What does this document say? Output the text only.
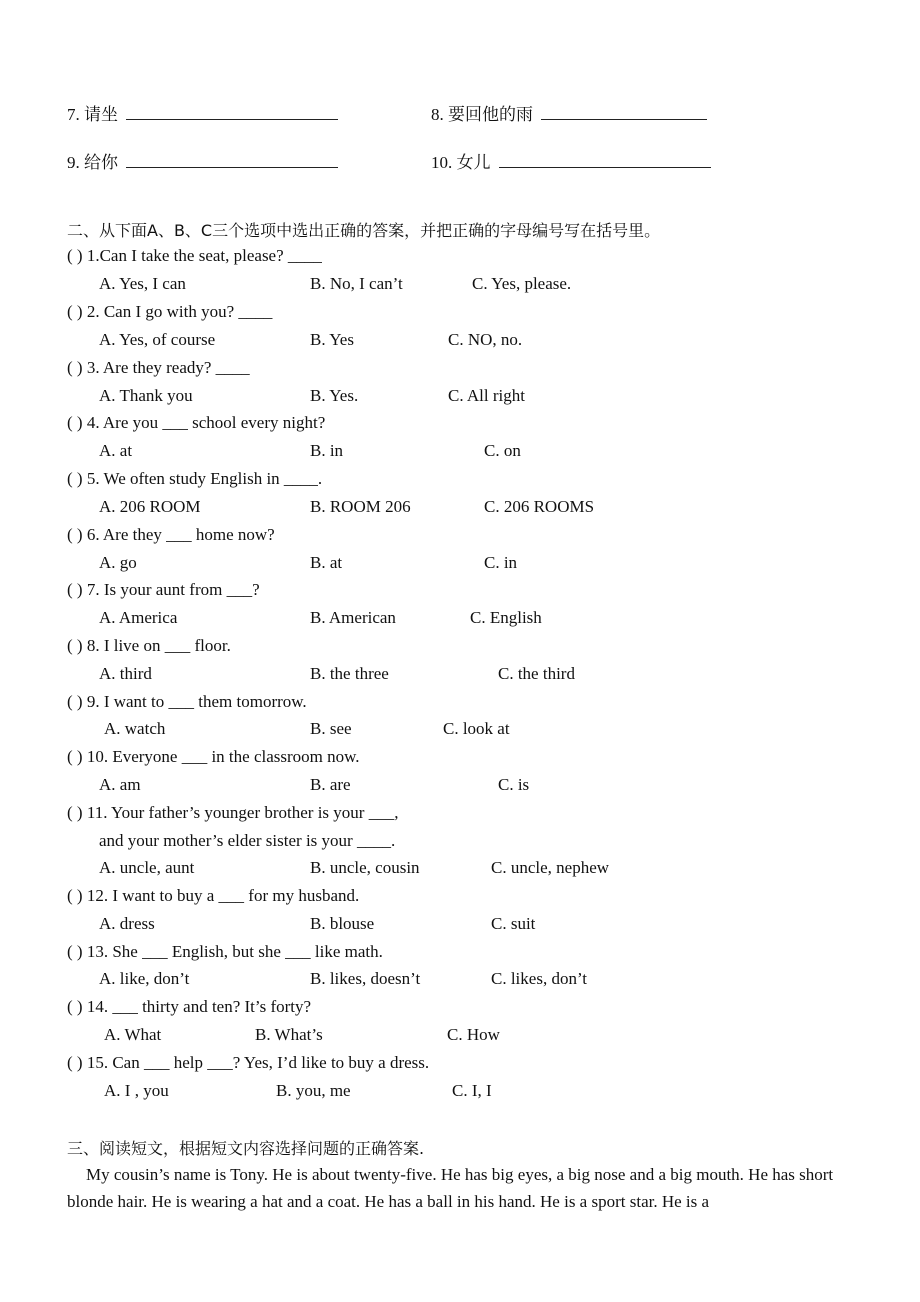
7. 请坐	8. 要回他的雨
9. 给你	10. 女儿
二、从下面A、B、C三个选项中选出正确的答案，并把正确的字母编号写在括号里。
( ) 1.Can I take the seat, please? ____
A. Yes, I can	B. No, I can’t	C. Yes, please.
( ) 2. Can I go with you? ____
A. Yes, of course	B. Yes	C. NO, no.
( ) 3. Are they ready? ____
A. Thank you	B. Yes.	C. All right
( ) 4. Are you ___ school every night?
A. at	B. in	C. on
( ) 5. We often study English in ____.
A. 206 ROOM	B. ROOM 206	C. 206 ROOMS
( ) 6. Are they ___ home now?
A. go	B. at	C. in
( ) 7. Is your aunt from ___?
A. America	B. American	C. English
( ) 8. I live on ___ floor.
A. third	B. the three	C. the third
( ) 9. I want to ___ them tomorrow.
A. watch	B. see	C. look at
( ) 10. Everyone ___ in the classroom now.
A. am	B. are	C. is
( ) 11. Your father’s younger brother is your ___,
and your mother’s elder sister is your ____.
A. uncle, aunt	B. uncle, cousin	C. uncle, nephew
( ) 12. I want to buy a ___ for my husband.
A. dress	B. blouse	C. suit
( ) 13. She ___ English, but she ___ like math.
A. like, don’t	B. likes, doesn’t	C. likes, don’t
( ) 14. ___ thirty and ten? It’s forty?
A. What	B. What’s	C. How
( ) 15. Can ___ help ___? Yes, I’d like to buy a dress.
A. I , you	B. you, me	C. I, I
三、阅读短文，根据短文内容选择问题的正确答案.
My cousin’s name is Tony. He is about twenty-five. He has big eyes, a big nose and a big mouth. He has short blonde hair. He is wearing a hat and a coat. He has a ball in his hand. He is a sport star. He is a
